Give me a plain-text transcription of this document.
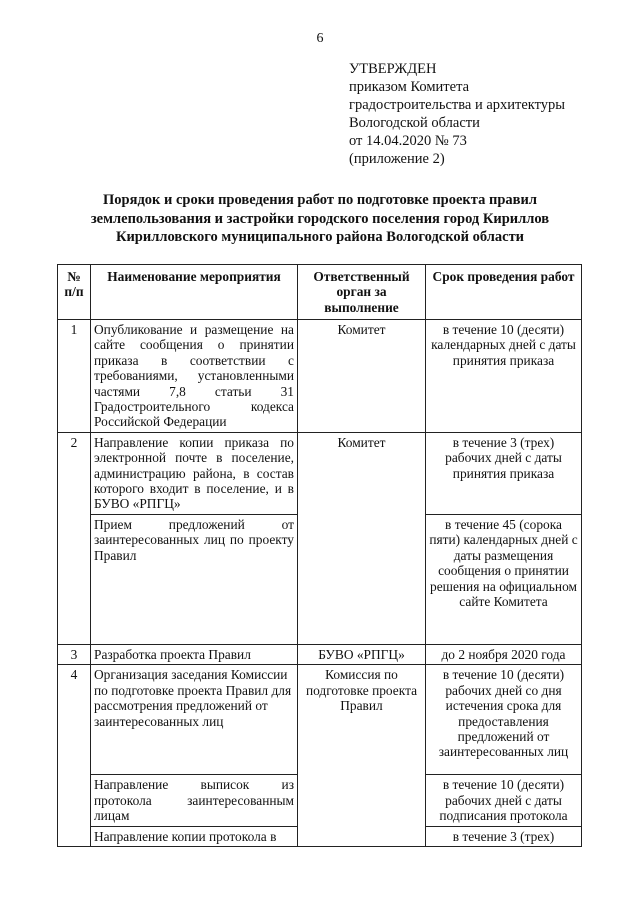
6
УТВЕРЖДЕН
приказом Комитета
градостроительства и архитектуры
Вологодской области
от 14.04.2020 № 73
(приложение 2)
Порядок и сроки проведения работ по подготовке проекта правил
землепользования и застройки городского поселения город Кириллов
Кирилловского муниципального района Вологодской области
№ п/п	Наименование мероприятия	Ответственный орган за выполнение	Срок проведения работ
1	Опубликование и размещение на сайте сообщения о принятии приказа в соответствии с требованиями, установленными частями 7,8 статьи 31 Градостроительного кодекса Российской Федерации	Комитет	в течение 10 (десяти) календарных дней с даты принятия приказа
2	Направление копии приказа по электронной почте в поселение, администрацию района, в состав которого входит в поселение, и в БУВО «РПГЦ»	Комитет	в течение 3 (трех) рабочих дней с даты принятия приказа
	Прием предложений от заинтересованных лиц по проекту Правил		в течение 45 (сорока пяти) календарных дней с даты размещения сообщения о принятии решения на официальном сайте Комитета
3	Разработка проекта Правил	БУВО «РПГЦ»	до 2 ноября 2020 года
4	Организация заседания Комиссии по подготовке проекта Правил для рассмотрения предложений от заинтересованных лиц	Комиссия по подготовке проекта Правил	в течение 10 (десяти) рабочих дней со дня истечения срока для предоставления предложений от заинтересованных лиц
	Направление выписок из протокола заинтересованным лицам		в течение 10 (десяти) рабочих дней с даты подписания протокола
	Направление копии протокола в		в течение 3 (трех)
